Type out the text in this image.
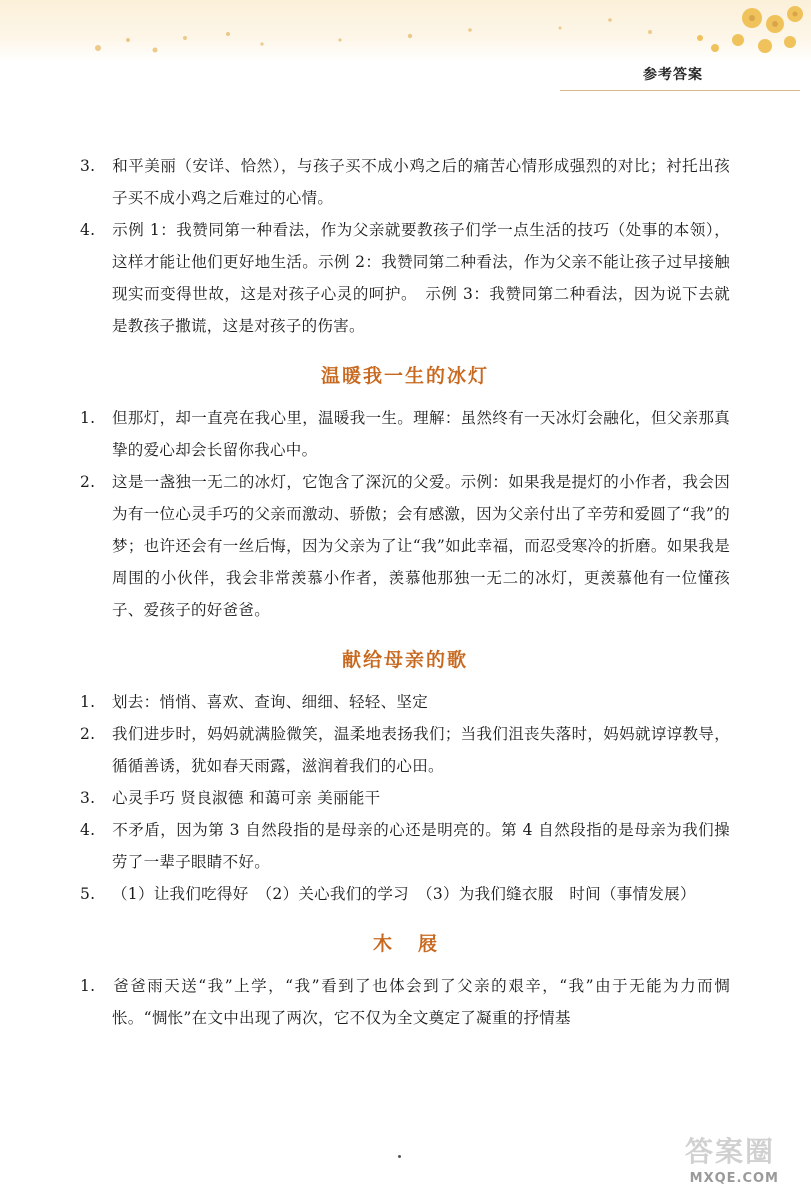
参考答案
3. 和平美丽（安详、恰然），与孩子买不成小鸡之后的痛苦心情形成强烈的对比；衬托出孩子买不成小鸡之后难过的心情。
4. 示例 1：我赞同第一种看法，作为父亲就要教孩子们学一点生活的技巧（处事的本领），这样才能让他们更好地生活。示例 2：我赞同第二种看法，作为父亲不能让孩子过早接触现实而变得世故，这是对孩子心灵的呵护。　示例 3：我赞同第二种看法，因为说下去就是教孩子撒谎，这是对孩子的伤害。
温暖我一生的冰灯
1. 但那灯，却一直亮在我心里，温暖我一生。理解：虽然终有一天冰灯会融化，但父亲那真挚的爱心却会长留你我心中。
2. 这是一盏独一无二的冰灯，它饱含了深沉的父爱。示例：如果我是提灯的小作者，我会因为有一位心灵手巧的父亲而激动、骄傲；会有感激，因为父亲付出了辛劳和爱圆了“我”的梦；也许还会有一丝后悔，因为父亲为了让“我”如此幸福，而忍受寒冷的折磨。如果我是周围的小伙伴，我会非常羡慕小作者，羡慕他那独一无二的冰灯，更羡慕他有一位懂孩子、爱孩子的好爸爸。
献给母亲的歌
1. 划去：悄悄、喜欢、查询、细细、轻轻、坚定
2. 我们进步时，妈妈就满脸微笑，温柔地表扬我们；当我们沮丧失落时，妈妈就谆谆教导，循循善诱，犹如春天雨露，滋润着我们的心田。
3. 心灵手巧 贤良淑德 和蔼可亲 美丽能干
4. 不矛盾，因为第 3 自然段指的是母亲的心还是明亮的。第 4 自然段指的是母亲为我们操劳了一辈子眼睛不好。
5. （1）让我们吃得好　（2）关心我们的学习　（3）为我们缝衣服　时间（事情发展）
木屐
1. 爸爸雨天送“我”上学，“我”看到了也体会到了父亲的艰辛，“我”由于无能为力而惆怅。“惆怅”在文中出现了两次，它不仅为全文奠定了凝重的抒情基
答案圈
MXQE.COM
